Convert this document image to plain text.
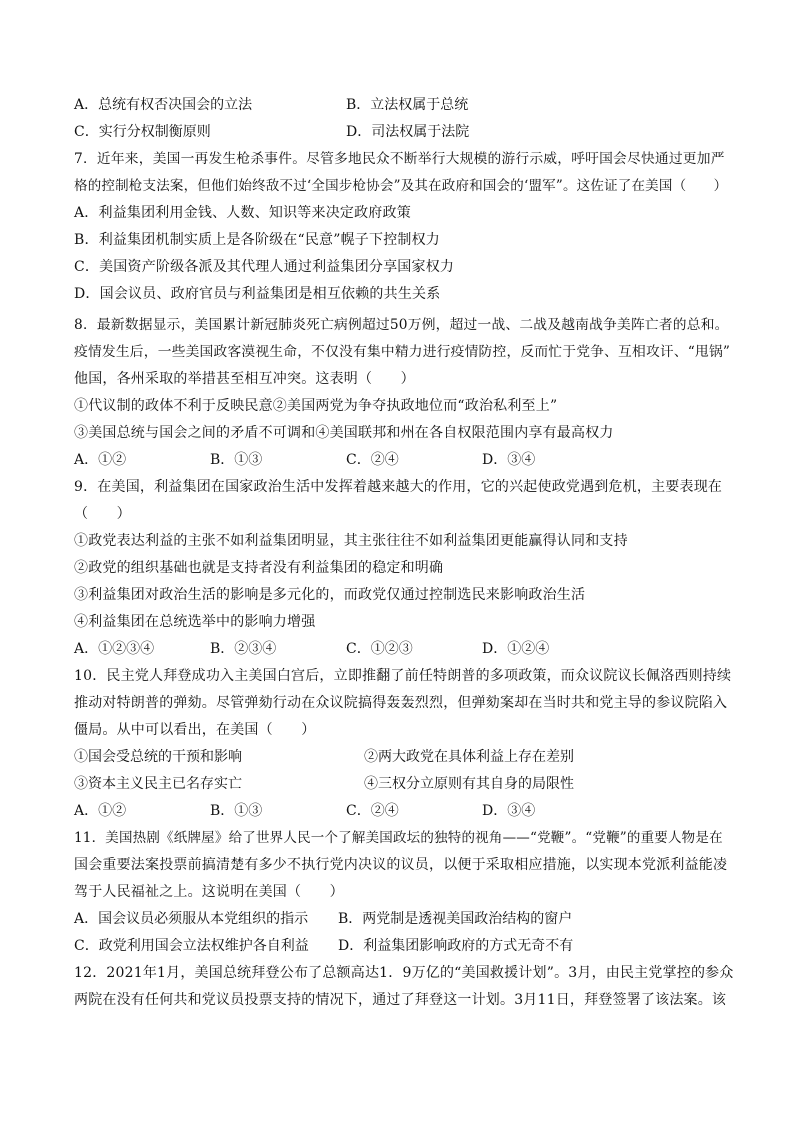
A．总统有权否决国会的立法	B．立法权属于总统
C．实行分权制衡原则	D．司法权属于法院
7．近年来，美国一再发生枪杀事件。尽管多地民众不断举行大规模的游行示威，呼吁国会尽快通过更加严
格的控制枪支法案，但他们始终敌不过‘全国步枪协会”及其在政府和国会的‘盟军”。这佐证了在美国（　　）
A．利益集团利用金钱、人数、知识等来决定政府政策
B．利益集团机制实质上是各阶级在“民意”幌子下控制权力
C．美国资产阶级各派及其代理人通过利益集团分享国家权力
D．国会议员、政府官员与利益集团是相互依赖的共生关系
8．最新数据显示，美国累计新冠肺炎死亡病例超过50万例，超过一战、二战及越南战争美阵亡者的总和。
疫情发生后，一些美国政客漠视生命，不仅没有集中精力进行疫情防控，反而忙于党争、互相攻讦、“甩锅”
他国，各州采取的举措甚至相互冲突。这表明（　　）
①代议制的政体不利于反映民意②美国两党为争夺执政地位而“政治私利至上”
③美国总统与国会之间的矛盾不可调和④美国联邦和州在各自权限范围内享有最高权力
A．①②	B．①③	C．②④	D．③④
9．在美国，利益集团在国家政治生活中发挥着越来越大的作用，它的兴起使政党遇到危机，主要表现在
（　　）
①政党表达利益的主张不如利益集团明显，其主张往往不如利益集团更能赢得认同和支持
②政党的组织基础也就是支持者没有利益集团的稳定和明确
③利益集团对政治生活的影响是多元化的，而政党仅通过控制选民来影响政治生活
④利益集团在总统选举中的影响力增强
A．①②③④	B．②③④	C．①②③	D．①②④
10．民主党人拜登成功入主美国白宫后，立即推翻了前任特朗普的多项政策，而众议院议长佩洛西则持续
推动对特朗普的弹劾。尽管弹劾行动在众议院搞得轰轰烈烈，但弹劾案却在当时共和党主导的参议院陷入
僵局。从中可以看出，在美国（　　）
①国会受总统的干预和影响	②两大政党在具体利益上存在差别
③资本主义民主已名存实亡	④三权分立原则有其自身的局限性
A．①②	B．①③	C．②④	D．③④
11．美国热剧《纸牌屋》给了世界人民一个了解美国政坛的独特的视角——“党鞭”。“党鞭”的重要人物是在
国会重要法案投票前搞清楚有多少不执行党内决议的议员，以便于采取相应措施，以实现本党派利益能凌
驾于人民福祉之上。这说明在美国（　　）
A．国会议员必须服从本党组织的指示 B．两党制是透视美国政治结构的窗户
C．政党利用国会立法权维护各自利益 D．利益集团影响政府的方式无奇不有
12．2021年1月，美国总统拜登公布了总额高达1．9万亿的“美国救援计划”。3月，由民主党掌控的参众
两院在没有任何共和党议员投票支持的情况下，通过了拜登这一计划。3月11日，拜登签署了该法案。该
